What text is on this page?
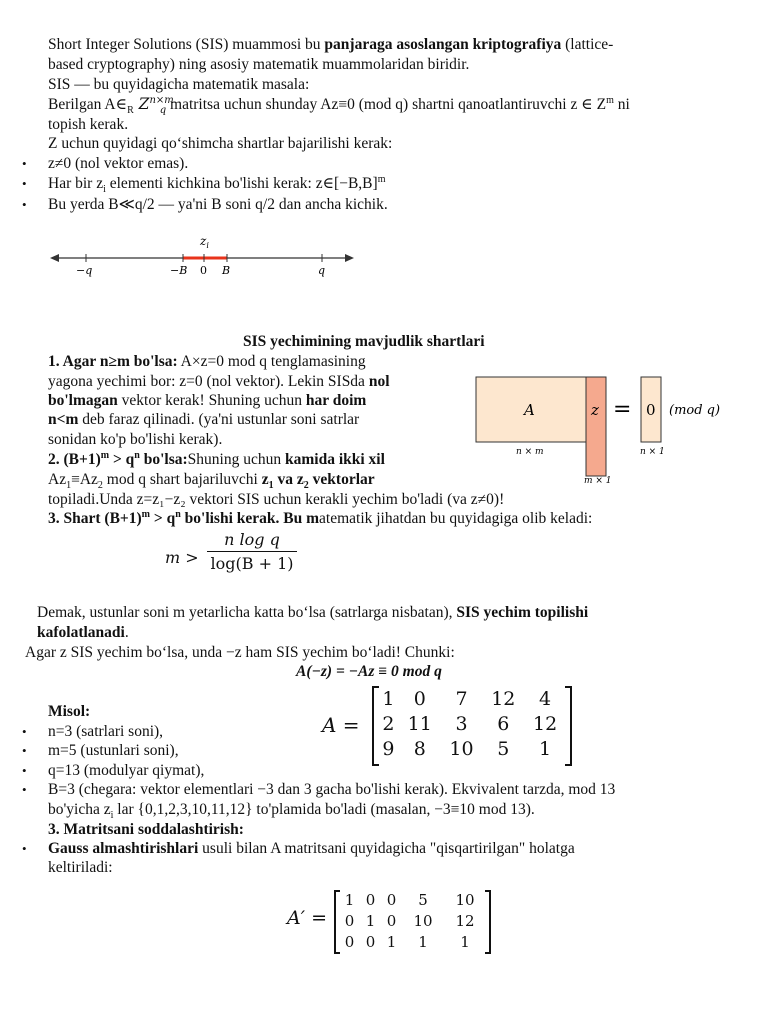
Short Integer Solutions (SIS) muammosi bu panjaraga asoslangan kriptografiya (lattice-
based cryptography) ning asosiy matematik muammolaridan biridir.
SIS — bu quyidagicha matematik masala:
Berilgan $A\in_R$ $Z^{n\times m}_q$ matritsa uchun shunday Az≡0 (mod q) shartni qanoatlantiruvchi z ∈ $Z^m$ ni
topish kerak.
Z uchun quyidagi qo‘shimcha shartlar bajarilishi kerak:
• z≠0 (nol vektor emas).
• Har bir $z_i$ elementi kichkina bo'lishi kerak: $z\in[-B,B]^m$
• Bu yerda B≪q/2 — ya'ni B soni q/2 dan ancha kichik.
$z_i$
−q	−B 0 B	q
SIS yechimining mavjudlik shartlari
1. Agar n≥m bo'lsa: A×z=0 mod q tenglamasining
yagona yechimi bor: z=0 (nol vektor). Lekin SISda nol
bo'lmagan vektor kerak! Shuning uchun har doim
n<m deb faraz qilinadi. (ya'ni ustunlar soni satrlar
sonidan ko'p bo'lishi kerak).
2. $(B+1)^m > q^n$ bo'lsa:Shuning uchun kamida ikki xil
$Az_1\equiv Az_2$ mod q shart bajariluvchi $z_1$ va $z_2$ vektorlar
topiladi.Unda z=z₁−z₂ vektori SIS uchun kerakli yechim bo'ladi (va z≠0)!
3. Shart $(B+1)^m > q^n$ bo'lishi kerak. Bu matematik jihatdan bu quyidagiga olib keladi:
A	z = 0 (mod q)
n × m
m × 1
n × 1
m >
n log q
log(B + 1)
Demak, ustunlar soni m yetarlicha katta bo‘lsa (satrlarga nisbatan), SIS yechim topilishi
kafolatlanadi.
Agar z SIS yechim bo‘lsa, unda −z ham SIS yechim bo‘ladi! Chunki:
A(−z) = −Az ≡ 0 mod q
Misol:
• n=3 (satrlari soni),
• m=5 (ustunlari soni),
• q=13 (modulyar qiymat),
• B=3 (chegara: vektor elementlari −3 dan 3 gacha bo'lishi kerak). Ekvivalent tarzda, mod 13
bo'yicha $z_i$ lar {0,1,2,3,10,11,12} to'plamida bo'ladi (masalan, −3≡10 mod 13).
A =
1	0	7	12	4
2	11	3	6	12
9	8	10	5	1
3. Matritsani soddalashtirish:
• Gauss almashtirishlari usuli bilan A matritsani quyidagicha "qisqartirilgan" holatga
keltiriladi:
A′ =
1	0	0	5	10
0	1	0	10	12
0	0	1	1	1
